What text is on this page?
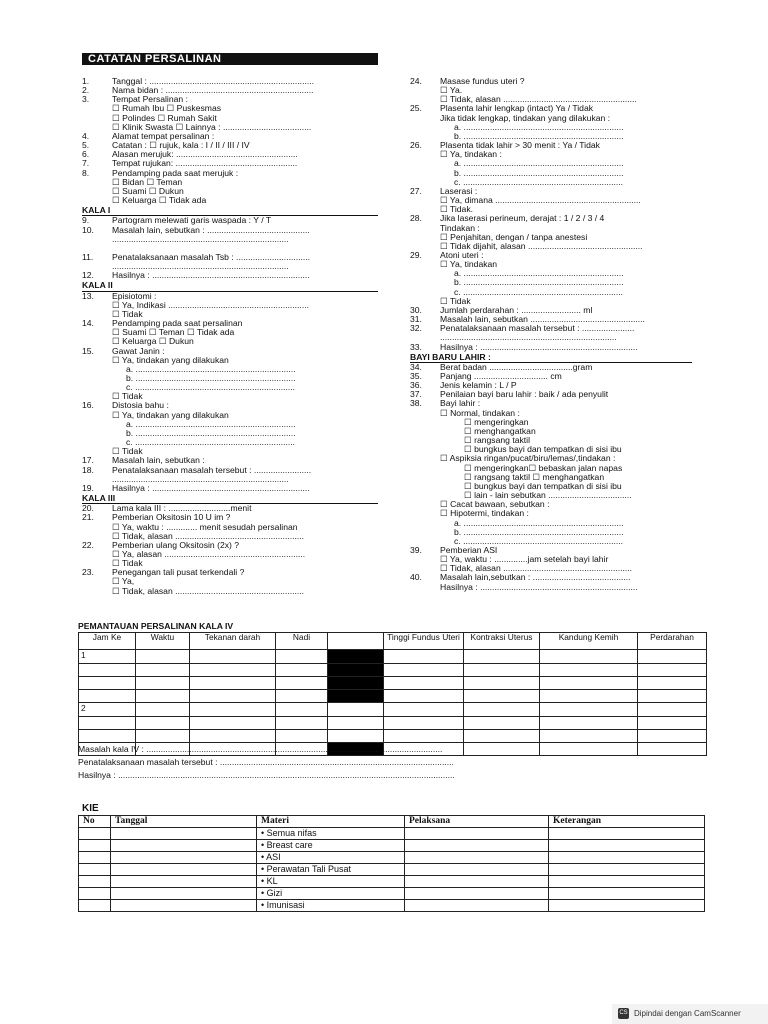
CATATAN PERSALINAN
1.	Tanggal : .....................................................................
2.	Nama bidan : ..............................................................
3.	Tempat Persalinan :
☐ Rumah Ibu ☐ Puskesmas
☐ Polindes ☐ Rumah Sakit
☐ Klinik Swasta ☐ Lainnya : .....................................
4.	Alamat tempat persalinan :
5.	Catatan : ☐ rujuk, kala : I / II / III / IV
6.	Alasan merujuk: ...................................................
7.	Tempat rujukan: ...................................................
8.	Pendamping pada saat merujuk :
☐ Bidan ☐ Teman
☐ Suami ☐ Dukun
☐ Keluarga ☐ Tidak ada
KALA I
9.	Partogram melewati garis waspada : Y / T
10. Masalah lain, sebutkan : ...........................................
..........................................................................

11. Penatalaksanaan masalah Tsb : ...............................
..........................................................................
12. Hasilnya : ..................................................................
KALA II
13. Episiotomi :
☐ Ya, Indikasi ...........................................................
☐ Tidak
14. Pendamping pada saat persalinan
☐ Suami ☐ Teman ☐ Tidak ada
☐ Keluarga ☐ Dukun
15. Gawat Janin :
☐ Ya, tindakan yang dilakukan
a. ...................................................................
b. ...................................................................
c. ...................................................................
☐ Tidak
16. Distosia bahu :
☐ Ya, tindakan yang dilakukan
a. ...................................................................
b. ...................................................................
c. ...................................................................
☐ Tidak
17. Masalah lain, sebutkan :
18. Penatalaksanaan masalah tersebut : ........................
..........................................................................
19. Hasilnya : ..................................................................
KALA III
20. Lama kala III : ..........................menit
21. Pemberian Oksitosin 10 U im ?
☐ Ya, waktu : ............. menit sesudah persalinan
☐ Tidak, alasan ......................................................
22. Pemberian ulang Oksitosin (2x) ?
☐ Ya, alasan ...........................................................
☐ Tidak
23. Penegangan tali pusat terkendali ?
☐ Ya,
☐ Tidak, alasan ......................................................
24. Masase fundus uteri ?
☐ Ya.
☐ Tidak, alasan ........................................................
25. Plasenta lahir lengkap (intact) Ya / Tidak
Jika tidak lengkap, tindakan yang dilakukan :
a. ...................................................................
b. ...................................................................
26. Plasenta tidak lahir > 30 menit : Ya / Tidak
☐ Ya, tindakan :
a. ...................................................................
b. ...................................................................
c. ...................................................................
27. Laserasi :
☐ Ya, dimana .............................................................
☐ Tidak.
28. Jika laserasi perineum, derajat : 1 / 2 / 3 / 4
Tindakan :
☐ Penjahitan, dengan / tanpa anestesi
☐ Tidak dijahit, alasan ................................................
29. Atoni uteri :
☐ Ya, tindakan
a. ...................................................................
b. ...................................................................
c. ...................................................................
☐ Tidak
30. Jumlah perdarahan : ......................... ml
31. Masalah lain, sebutkan ................................................
32. Penatalaksanaan masalah tersebut : ......................
..........................................................................
33. Hasilnya : ..................................................................
BAYI BARU LAHIR :
34. Berat badan ...................................gram
35. Panjang ............................... cm
36. Jenis kelamin : L / P
37. Penilaian bayi baru lahir : baik / ada penyulit
38. Bayi lahir :
☐ Normal, tindakan :
☐ mengeringkan
☐ menghangatkan
☐ rangsang taktil
☐ bungkus bayi dan tempatkan di sisi ibu
☐ Aspiksia ringan/pucat/biru/lemas/,tindakan :
☐ mengeringkan☐ bebaskan jalan napas
☐ rangsang taktil ☐ menghangatkan
☐ bungkus bayi dan tempatkan di sisi ibu
☐ lain - lain sebutkan ...................................
☐ Cacat bawaan, sebutkan :
☐ Hipotermi, tindakan :
a. ...................................................................
b. ...................................................................
c. ...................................................................
39. Pemberian ASI
☐ Ya, waktu : ..............jam setelah bayi lahir
☐ Tidak, alasan ......................................................
40. Masalah lain,sebutkan : .........................................
Hasilnya : ..................................................................
PEMANTAUAN PERSALINAN KALA IV
Jam Ke	Waktu	Tekanan darah	Nadi		Tinggi Fundus Uteri	Kontraksi Uterus	Kandung Kemih	Perdarahan
1								

2								

Masalah kala IV : ............................................................................................................................
Penatalaksanaan masalah tersebut : ..................................................................................................
Hasilnya : .............................................................................................................................................
KIE
No	Tanggal	Materi	Pelaksana	Keterangan
		• Semua nifas		
		• Breast care		
		• ASI		
		• Perawatan Tali Pusat		
		• KL		
		• Gizi		
		• Imunisasi		
CS Dipindai dengan CamScanner
